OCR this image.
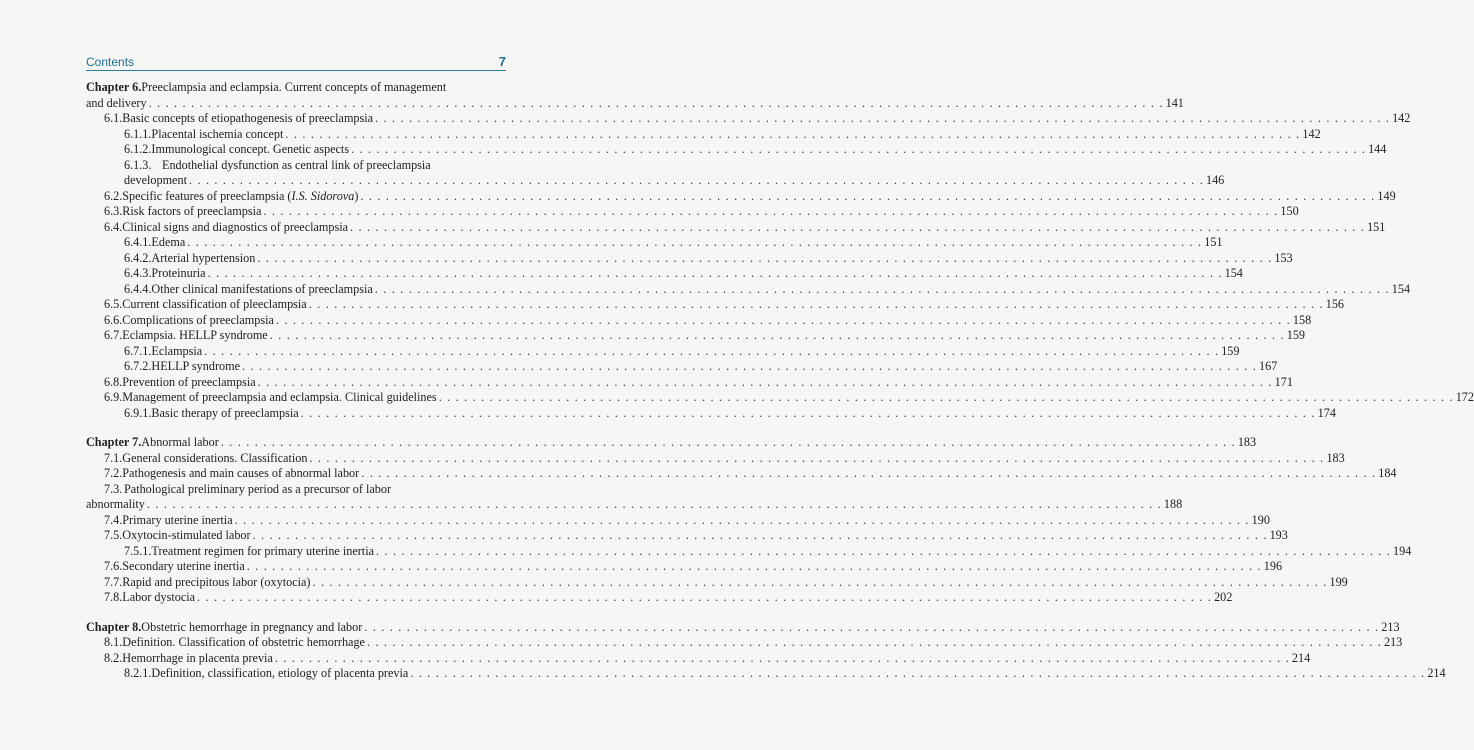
Contents	7
Chapter 6. Preeclampsia and eclampsia. Current concepts of management
and delivery . . . . . . . . . . . . . . . . . . . . . . . . . . . . . . . . . . . . . . . . . . . . . . . . . . . . . . . . . . . . . . . . . . . . . . . . . . . . . . . . . . . . . . . . . . . . . . . . . . . . . . . . . . . . . . . . . . . . . . . . 141
6.1. Basic concepts of etiopathogenesis of preeclampsia . . . . . . . . . . . . . . . . . . . . . . . . . . . . . . . . . . . . . . . . . . . . . . . . . . . . . . . . . . . . . . . . . . . . . . . . . . . . . . . . . . . . . . . . . . . . . . . . . . . . . . . . . . . . . . . . . . . . . . . . 142
6.1.1. Placental ischemia concept . . . . . . . . . . . . . . . . . . . . . . . . . . . . . . . . . . . . . . . . . . . . . . . . . . . . . . . . . . . . . . . . . . . . . . . . . . . . . . . . . . . . . . . . . . . . . . . . . . . . . . . . . . . . . . . . . . . . . . . . 142
6.1.2. Immunological concept. Genetic aspects . . . . . . . . . . . . . . . . . . . . . . . . . . . . . . . . . . . . . . . . . . . . . . . . . . . . . . . . . . . . . . . . . . . . . . . . . . . . . . . . . . . . . . . . . . . . . . . . . . . . . . . . . . . . . . . . . . . . . . . . 144
6.1.3. Endothelial dysfunction as central link of preeclampsia
development . . . . . . . . . . . . . . . . . . . . . . . . . . . . . . . . . . . . . . . . . . . . . . . . . . . . . . . . . . . . . . . . . . . . . . . . . . . . . . . . . . . . . . . . . . . . . . . . . . . . . . . . . . . . . . . . . . . . . . . . 146
6.2. Specific features of preeclampsia ( I.S. Sidorova ) . . . . . . . . . . . . . . . . . . . . . . . . . . . . . . . . . . . . . . . . . . . . . . . . . . . . . . . . . . . . . . . . . . . . . . . . . . . . . . . . . . . . . . . . . . . . . . . . . . . . . . . . . . . . . . . . . . . . . . . . 149
6.3. Risk factors of preeclampsia . . . . . . . . . . . . . . . . . . . . . . . . . . . . . . . . . . . . . . . . . . . . . . . . . . . . . . . . . . . . . . . . . . . . . . . . . . . . . . . . . . . . . . . . . . . . . . . . . . . . . . . . . . . . . . . . . . . . . . . . 150
6.4. Clinical signs and diagnostics of preeclampsia . . . . . . . . . . . . . . . . . . . . . . . . . . . . . . . . . . . . . . . . . . . . . . . . . . . . . . . . . . . . . . . . . . . . . . . . . . . . . . . . . . . . . . . . . . . . . . . . . . . . . . . . . . . . . . . . . . . . . . . . 151
6.4.1. Edema . . . . . . . . . . . . . . . . . . . . . . . . . . . . . . . . . . . . . . . . . . . . . . . . . . . . . . . . . . . . . . . . . . . . . . . . . . . . . . . . . . . . . . . . . . . . . . . . . . . . . . . . . . . . . . . . . . . . . . . . 151
6.4.2. Arterial hypertension . . . . . . . . . . . . . . . . . . . . . . . . . . . . . . . . . . . . . . . . . . . . . . . . . . . . . . . . . . . . . . . . . . . . . . . . . . . . . . . . . . . . . . . . . . . . . . . . . . . . . . . . . . . . . . . . . . . . . . . . 153
6.4.3. Proteinuria . . . . . . . . . . . . . . . . . . . . . . . . . . . . . . . . . . . . . . . . . . . . . . . . . . . . . . . . . . . . . . . . . . . . . . . . . . . . . . . . . . . . . . . . . . . . . . . . . . . . . . . . . . . . . . . . . . . . . . . . 154
6.4.4. Other clinical manifestations of preeclampsia . . . . . . . . . . . . . . . . . . . . . . . . . . . . . . . . . . . . . . . . . . . . . . . . . . . . . . . . . . . . . . . . . . . . . . . . . . . . . . . . . . . . . . . . . . . . . . . . . . . . . . . . . . . . . . . . . . . . . . . . 154
6.5. Current classification of pleeclampsia . . . . . . . . . . . . . . . . . . . . . . . . . . . . . . . . . . . . . . . . . . . . . . . . . . . . . . . . . . . . . . . . . . . . . . . . . . . . . . . . . . . . . . . . . . . . . . . . . . . . . . . . . . . . . . . . . . . . . . . . 156
6.6. Complications of preeclampsia . . . . . . . . . . . . . . . . . . . . . . . . . . . . . . . . . . . . . . . . . . . . . . . . . . . . . . . . . . . . . . . . . . . . . . . . . . . . . . . . . . . . . . . . . . . . . . . . . . . . . . . . . . . . . . . . . . . . . . . . 158
6.7. Eclampsia. HELLP syndrome . . . . . . . . . . . . . . . . . . . . . . . . . . . . . . . . . . . . . . . . . . . . . . . . . . . . . . . . . . . . . . . . . . . . . . . . . . . . . . . . . . . . . . . . . . . . . . . . . . . . . . . . . . . . . . . . . . . . . . . . 159
6.7.1. Eclampsia . . . . . . . . . . . . . . . . . . . . . . . . . . . . . . . . . . . . . . . . . . . . . . . . . . . . . . . . . . . . . . . . . . . . . . . . . . . . . . . . . . . . . . . . . . . . . . . . . . . . . . . . . . . . . . . . . . . . . . . . 159
6.7.2. HELLP syndrome . . . . . . . . . . . . . . . . . . . . . . . . . . . . . . . . . . . . . . . . . . . . . . . . . . . . . . . . . . . . . . . . . . . . . . . . . . . . . . . . . . . . . . . . . . . . . . . . . . . . . . . . . . . . . . . . . . . . . . . . 167
6.8. Prevention of preeclampsia . . . . . . . . . . . . . . . . . . . . . . . . . . . . . . . . . . . . . . . . . . . . . . . . . . . . . . . . . . . . . . . . . . . . . . . . . . . . . . . . . . . . . . . . . . . . . . . . . . . . . . . . . . . . . . . . . . . . . . . . 171
6.9. Management of preeclampsia and eclampsia. Clinical guidelines . . . . . . . . . . . . . . . . . . . . . . . . . . . . . . . . . . . . . . . . . . . . . . . . . . . . . . . . . . . . . . . . . . . . . . . . . . . . . . . . . . . . . . . . . . . . . . . . . . . . . . . . . . . . . . . . . . . . . . . . 172
6.9.1. Basic therapy of preeclampsia . . . . . . . . . . . . . . . . . . . . . . . . . . . . . . . . . . . . . . . . . . . . . . . . . . . . . . . . . . . . . . . . . . . . . . . . . . . . . . . . . . . . . . . . . . . . . . . . . . . . . . . . . . . . . . . . . . . . . . . . 174
Chapter 7. Abnormal labor . . . . . . . . . . . . . . . . . . . . . . . . . . . . . . . . . . . . . . . . . . . . . . . . . . . . . . . . . . . . . . . . . . . . . . . . . . . . . . . . . . . . . . . . . . . . . . . . . . . . . . . . . . . . . . . . . . . . . . . . 183
7.1. General considerations. Classification . . . . . . . . . . . . . . . . . . . . . . . . . . . . . . . . . . . . . . . . . . . . . . . . . . . . . . . . . . . . . . . . . . . . . . . . . . . . . . . . . . . . . . . . . . . . . . . . . . . . . . . . . . . . . . . . . . . . . . . . 183
7.2. Pathogenesis and main causes of abnormal labor . . . . . . . . . . . . . . . . . . . . . . . . . . . . . . . . . . . . . . . . . . . . . . . . . . . . . . . . . . . . . . . . . . . . . . . . . . . . . . . . . . . . . . . . . . . . . . . . . . . . . . . . . . . . . . . . . . . . . . . . 184
7.3. Pathological preliminary period as a precursor of labor
abnormality . . . . . . . . . . . . . . . . . . . . . . . . . . . . . . . . . . . . . . . . . . . . . . . . . . . . . . . . . . . . . . . . . . . . . . . . . . . . . . . . . . . . . . . . . . . . . . . . . . . . . . . . . . . . . . . . . . . . . . . . 188
7.4. Primary uterine inertia . . . . . . . . . . . . . . . . . . . . . . . . . . . . . . . . . . . . . . . . . . . . . . . . . . . . . . . . . . . . . . . . . . . . . . . . . . . . . . . . . . . . . . . . . . . . . . . . . . . . . . . . . . . . . . . . . . . . . . . . 190
7.5. Oxytocin-stimulated labor . . . . . . . . . . . . . . . . . . . . . . . . . . . . . . . . . . . . . . . . . . . . . . . . . . . . . . . . . . . . . . . . . . . . . . . . . . . . . . . . . . . . . . . . . . . . . . . . . . . . . . . . . . . . . . . . . . . . . . . . 193
7.5.1. Treatment regimen for primary uterine inertia . . . . . . . . . . . . . . . . . . . . . . . . . . . . . . . . . . . . . . . . . . . . . . . . . . . . . . . . . . . . . . . . . . . . . . . . . . . . . . . . . . . . . . . . . . . . . . . . . . . . . . . . . . . . . . . . . . . . . . . . 194
7.6. Secondary uterine inertia . . . . . . . . . . . . . . . . . . . . . . . . . . . . . . . . . . . . . . . . . . . . . . . . . . . . . . . . . . . . . . . . . . . . . . . . . . . . . . . . . . . . . . . . . . . . . . . . . . . . . . . . . . . . . . . . . . . . . . . . 196
7.7. Rapid and precipitous labor (oxytocia) . . . . . . . . . . . . . . . . . . . . . . . . . . . . . . . . . . . . . . . . . . . . . . . . . . . . . . . . . . . . . . . . . . . . . . . . . . . . . . . . . . . . . . . . . . . . . . . . . . . . . . . . . . . . . . . . . . . . . . . . 199
7.8. Labor dystocia . . . . . . . . . . . . . . . . . . . . . . . . . . . . . . . . . . . . . . . . . . . . . . . . . . . . . . . . . . . . . . . . . . . . . . . . . . . . . . . . . . . . . . . . . . . . . . . . . . . . . . . . . . . . . . . . . . . . . . . . 202
Chapter 8. Obstetric hemorrhage in pregnancy and labor . . . . . . . . . . . . . . . . . . . . . . . . . . . . . . . . . . . . . . . . . . . . . . . . . . . . . . . . . . . . . . . . . . . . . . . . . . . . . . . . . . . . . . . . . . . . . . . . . . . . . . . . . . . . . . . . . . . . . . . . 213
8.1. Definition. Classification of obstetric hemorrhage . . . . . . . . . . . . . . . . . . . . . . . . . . . . . . . . . . . . . . . . . . . . . . . . . . . . . . . . . . . . . . . . . . . . . . . . . . . . . . . . . . . . . . . . . . . . . . . . . . . . . . . . . . . . . . . . . . . . . . . . 213
8.2. Hemorrhage in placenta previa . . . . . . . . . . . . . . . . . . . . . . . . . . . . . . . . . . . . . . . . . . . . . . . . . . . . . . . . . . . . . . . . . . . . . . . . . . . . . . . . . . . . . . . . . . . . . . . . . . . . . . . . . . . . . . . . . . . . . . . . 214
8.2.1. Definition, classification, etiology of placenta previa . . . . . . . . . . . . . . . . . . . . . . . . . . . . . . . . . . . . . . . . . . . . . . . . . . . . . . . . . . . . . . . . . . . . . . . . . . . . . . . . . . . . . . . . . . . . . . . . . . . . . . . . . . . . . . . . . . . . . . . . 214
